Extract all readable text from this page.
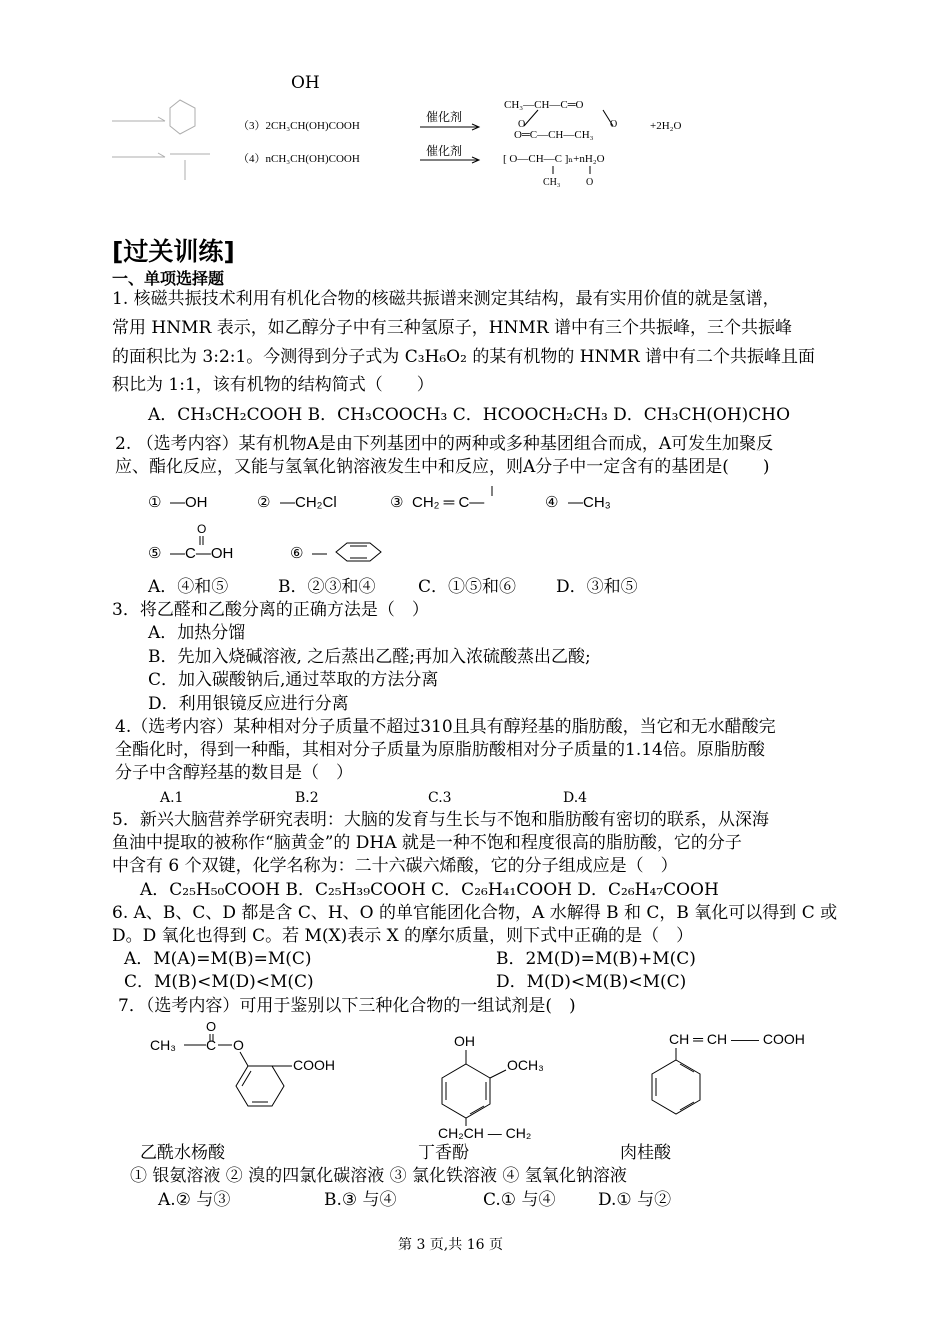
OH
（3）2CH₃CH(OH)COOH
催化剂
CH₃—CH—C═O
O═C—CH—CH₃
O	O	+2H₂O
（4）nCH₃CH(OH)COOH
催化剂
[ O—CH—C ]ₙ+nH₂O
CH₃	O
[过关训练]
一、单项选择题
1. 核磁共振技术利用有机化合物的核磁共振谱来测定其结构，最有实用价值的就是氢谱，
常用 HNMR 表示，如乙醇分子中有三种氢原子，HNMR 谱中有三个共振峰，三个共振峰
的面积比为 3:2:1。今测得到分子式为 C₃H₆O₂ 的某有机物的 HNMR 谱中有二个共振峰且面
积比为 1:1，该有机物的结构简式（　　）
A．CH₃CH₂COOH B．CH₃COOCH₃ C．HCOOCH₂CH₃ D．CH₃CH(OH)CHO
2. （选考内容）某有机物A是由下列基团中的两种或多种基团组合而成，A可发生加聚反
应、酯化反应，又能与氢氧化钠溶液发生中和反应，则A分子中一定含有的基团是(　　)
① —OH	② —CH₂Cl	③ CH₂ ═ C—	④ —CH₃
⑤ —C—OH
O
⑥ —
A．④和⑤	B．②③和④	C．①⑤和⑥ D．③和⑤
3．将乙醛和乙酸分离的正确方法是（　）
A．加热分馏
B．先加入烧碱溶液, 之后蒸出乙醛;再加入浓硫酸蒸出乙酸;
C．加入碳酸钠后,通过萃取的方法分离
D．利用银镜反应进行分离
4.（选考内容）某种相对分子质量不超过310且具有醇羟基的脂肪酸，当它和无水醋酸完
全酯化时，得到一种酯，其相对分子质量为原脂肪酸相对分子质量的1.14倍。原脂肪酸
分子中含醇羟基的数目是（　）
A.1	B.2	C.3	D.4
5．新兴大脑营养学研究表明：大脑的发育与生长与不饱和脂肪酸有密切的联系，从深海
鱼油中提取的被称作“脑黄金”的 DHA 就是一种不饱和程度很高的脂肪酸，它的分子
中含有 6 个双键，化学名称为：二十六碳六烯酸，它的分子组成应是（　）
A．C₂₅H₅₀COOH B．C₂₅H₃₉COOH C．C₂₆H₄₁COOH D．C₂₆H₄₇COOH
6. A、B、C、D 都是含 C、H、O 的单官能团化合物，A 水解得 B 和 C，B 氧化可以得到 C 或
D。D 氧化也得到 C。若 M(X)表示 X 的摩尔质量，则下式中正确的是（　）
A．M(A)=M(B)=M(C)	B．2M(D)=M(B)+M(C)
C．M(B)<M(D)<M(C)	D．M(D)<M(B)<M(C)
7．（选考内容）可用于鉴别以下三种化合物的一组试剂是(　)
CH₃
O
C O
COOH
OH
OCH₃
CH₂CH — CH₂
CH ═ CH —— COOH
乙酰水杨酸	丁香酚	肉桂酸
① 银氨溶液 ② 溴的四氯化碳溶液 ③ 氯化铁溶液 ④ 氢氧化钠溶液
A.② 与③	B.③ 与④	C.① 与④	D.① 与②
第 3 页,共 16 页
